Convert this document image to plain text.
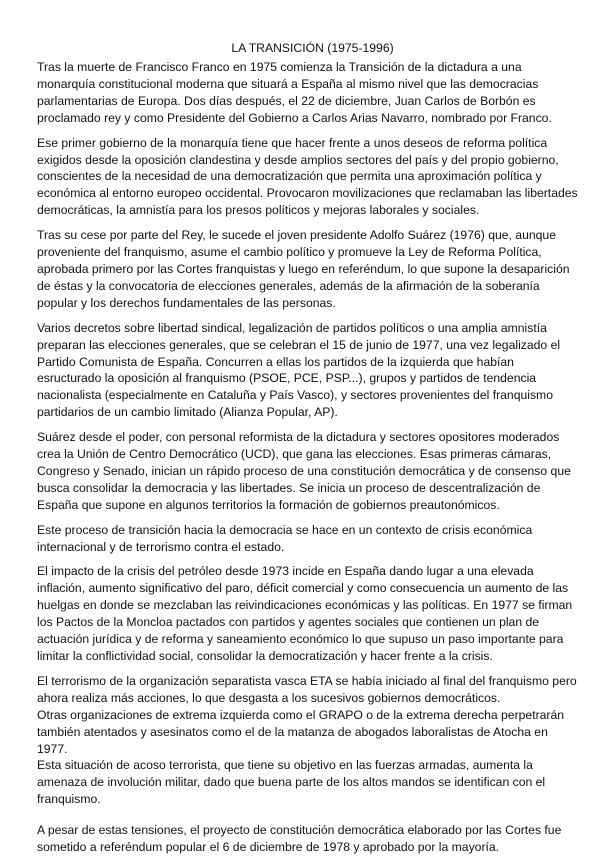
LA TRANSICIÓN (1975-1996)

Tras la muerte de Francisco Franco en 1975 comienza la Transición de la dictadura a una monarquía constitucional moderna que situará a España al mismo nivel que las democracias parlamentarias de Europa. Dos días después, el 22 de diciembre, Juan Carlos de Borbón es proclamado rey y como Presidente del Gobierno a Carlos Arias Navarro, nombrado por Franco.

Ese primer gobierno de la monarquía tiene que hacer frente a unos deseos de reforma política exigidos desde la oposición clandestina y desde amplios sectores del país y del propio gobierno, conscientes de la necesidad de una democratización que permita una aproximación política y económica al entorno europeo occidental. Provocaron movilizaciones que reclamaban las libertades democráticas, la amnistía para los presos políticos y mejoras laborales y sociales.

Tras su cese por parte del Rey, le sucede el joven presidente Adolfo Suárez (1976) que, aunque proveniente del franquismo, asume el cambio político y promueve la Ley de Reforma Política, aprobada primero por las Cortes franquistas y luego en referéndum, lo que supone la desaparición de éstas y la convocatoria de elecciones generales, además de la afirmación de la soberanía popular y los derechos fundamentales de las personas.

Varios decretos sobre libertad sindical, legalización de partidos políticos o una amplia amnistía preparan las elecciones generales, que se celebran el 15 de junio de 1977, una vez legalizado el Partido Comunista de España. Concurren a ellas los partidos de la izquierda que habían esructurado la oposición al franquismo (PSOE, PCE, PSP...), grupos y partidos de tendencia nacionalista (especialmente en Cataluña y País Vasco), y sectores provenientes del franquismo partidarios de un cambio limitado (Alianza Popular, AP).

Suárez desde el poder, con personal reformista de la dictadura y sectores opositores moderados crea la Unión de Centro Democrático (UCD), que gana las elecciones. Esas primeras cámaras, Congreso y Senado, inician un rápido proceso de una constitución democrática y de consenso que busca consolidar la democracia y las libertades. Se inicia un proceso de descentralización de España que supone en algunos territorios la formación de gobiernos preautonómicos.

Este proceso de transición hacia la democracia se hace en un contexto de crisis económica internacional y de terrorismo contra el estado.

El impacto de la crisis del petróleo desde 1973 incide en España dando lugar a una elevada inflación, aumento significativo del paro, déficit comercial y como consecuencia un aumento de las huelgas en donde se mezclaban las reivindicaciones económicas y las políticas. En 1977 se firman los Pactos de la Moncloa pactados con partidos y agentes sociales que contienen un plan de actuación jurídica y de reforma y saneamiento económico lo que supuso un paso importante para limitar la conflictividad social, consolidar la democratización y hacer frente a la crisis.

El terrorismo de la organización separatista vasca ETA se había iniciado al final del franquismo pero ahora realiza más acciones, lo que desgasta a los sucesivos gobiernos democráticos.

Otras organizaciones de extrema izquierda como el GRAPO o de la extrema derecha perpetrarán también atentados y asesinatos como el de la matanza de abogados laboralistas de Atocha en 1977.

Esta situación de acoso terrorista, que tiene su objetivo en las fuerzas armadas, aumenta la amenaza de involución militar, dado que buena parte de los altos mandos se identifican con el franquismo.

A pesar de estas tensiones, el proyecto de constitución democrática elaborado por las Cortes fue sometido a referéndum popular el 6 de diciembre de 1978 y aprobado por la mayoría.
